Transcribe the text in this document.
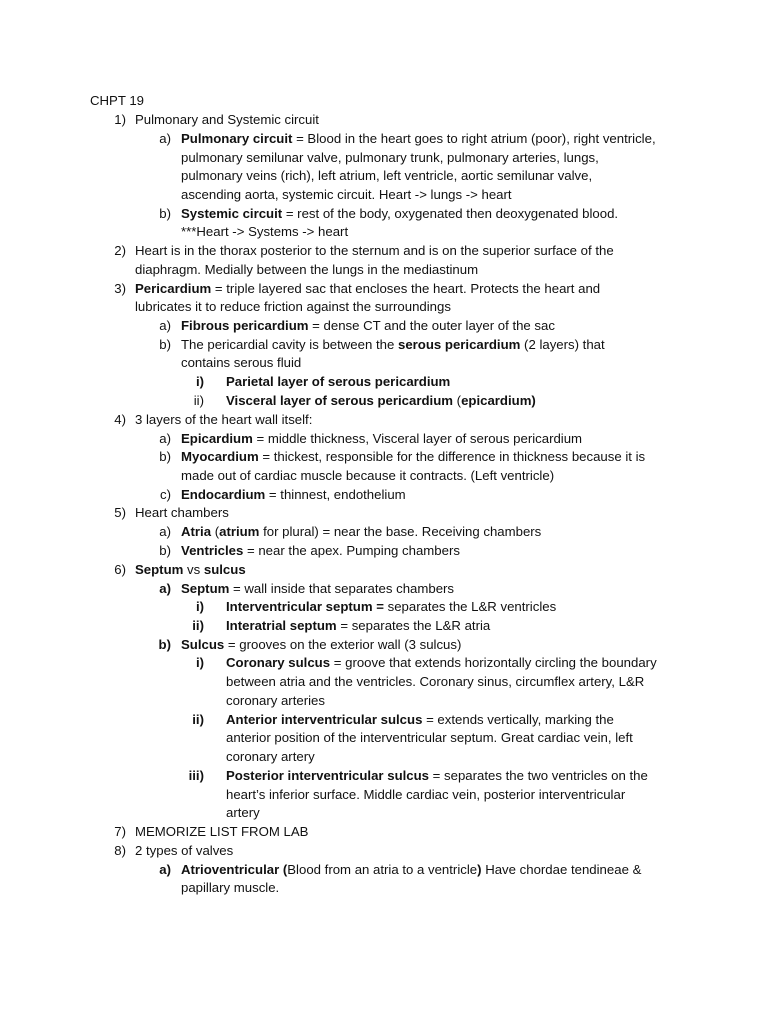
CHPT 19
1) Pulmonary and Systemic circuit
a) Pulmonary circuit = Blood in the heart goes to right atrium (poor), right ventricle,
pulmonary semilunar valve, pulmonary trunk, pulmonary arteries, lungs,
pulmonary veins (rich), left atrium, left ventricle, aortic semilunar valve,
ascending aorta, systemic circuit. Heart -> lungs -> heart
b) Systemic circuit = rest of the body, oxygenated then deoxygenated blood.
***Heart -> Systems -> heart
2) Heart is in the thorax posterior to the sternum and is on the superior surface of the
diaphragm. Medially between the lungs in the mediastinum
3) Pericardium = triple layered sac that encloses the heart. Protects the heart and
lubricates it to reduce friction against the surroundings
a) Fibrous pericardium = dense CT and the outer layer of the sac
b) The pericardial cavity is between the serous pericardium (2 layers) that
contains serous fluid
i) Parietal layer of serous pericardium
ii) Visceral layer of serous pericardium (epicardium)
4) 3 layers of the heart wall itself:
a) Epicardium = middle thickness, Visceral layer of serous pericardium
b) Myocardium = thickest, responsible for the difference in thickness because it is
made out of cardiac muscle because it contracts. (Left ventricle)
c) Endocardium = thinnest, endothelium
5) Heart chambers
a) Atria (atrium for plural) = near the base. Receiving chambers
b) Ventricles = near the apex. Pumping chambers
6) Septum vs sulcus
a) Septum = wall inside that separates chambers
i) Interventricular septum = separates the L&R ventricles
ii) Interatrial septum = separates the L&R atria
b) Sulcus = grooves on the exterior wall (3 sulcus)
i) Coronary sulcus = groove that extends horizontally circling the boundary
between atria and the ventricles. Coronary sinus, circumflex artery, L&R
coronary arteries
ii) Anterior interventricular sulcus = extends vertically, marking the
anterior position of the interventricular septum. Great cardiac vein, left
coronary artery
iii) Posterior interventricular sulcus = separates the two ventricles on the
heart’s inferior surface. Middle cardiac vein, posterior interventricular
artery
7) MEMORIZE LIST FROM LAB
8) 2 types of valves
a) Atrioventricular (Blood from an atria to a ventricle) Have chordae tendineae &
papillary muscle.
